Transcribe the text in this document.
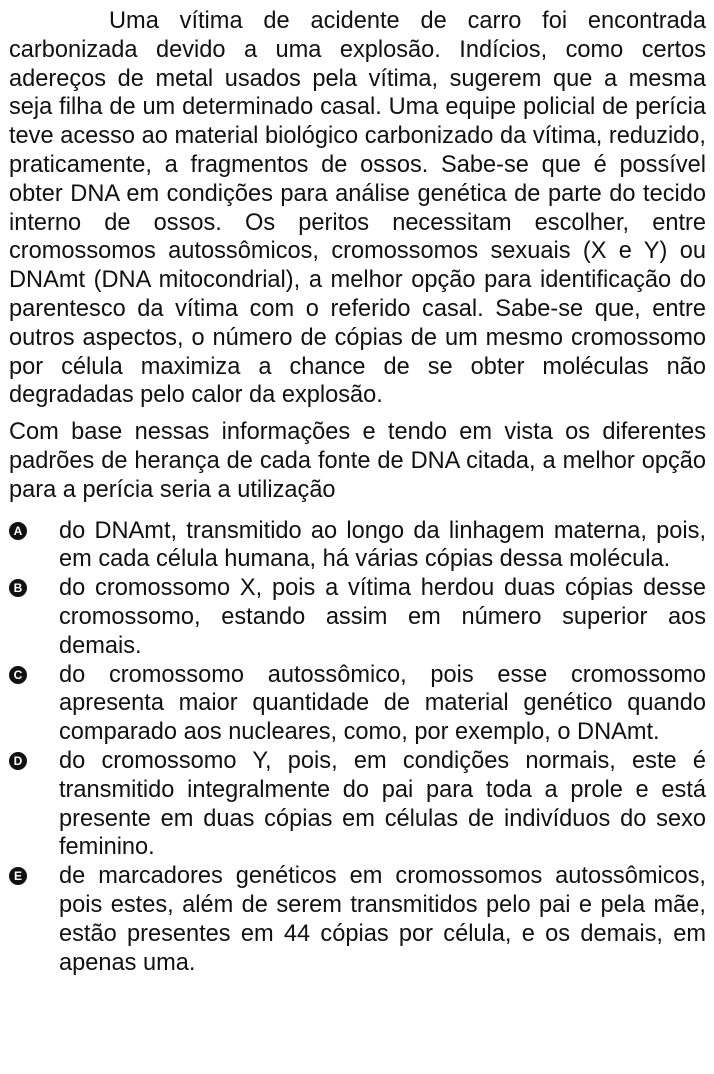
Uma vítima de acidente de carro foi encontrada carbonizada devido a uma explosão. Indícios, como certos adereços de metal usados pela vítima, sugerem que a mesma seja filha de um determinado casal. Uma equipe policial de perícia teve acesso ao material biológico carbonizado da vítima, reduzido, praticamente, a fragmentos de ossos. Sabe-se que é possível obter DNA em condições para análise genética de parte do tecido interno de ossos. Os peritos necessitam escolher, entre cromossomos autossômicos, cromossomos sexuais (X e Y) ou DNAmt (DNA mitocondrial), a melhor opção para identificação do parentesco da vítima com o referido casal. Sabe-se que, entre outros aspectos, o número de cópias de um mesmo cromossomo por célula maximiza a chance de se obter moléculas não degradadas pelo calor da explosão.

Com base nessas informações e tendo em vista os diferentes padrões de herança de cada fonte de DNA citada, a melhor opção para a perícia seria a utilização

A do DNAmt, transmitido ao longo da linhagem materna, pois, em cada célula humana, há várias cópias dessa molécula.
B do cromossomo X, pois a vítima herdou duas cópias desse cromossomo, estando assim em número superior aos demais.
C do cromossomo autossômico, pois esse cromossomo apresenta maior quantidade de material genético quando comparado aos nucleares, como, por exemplo, o DNAmt.
D do cromossomo Y, pois, em condições normais, este é transmitido integralmente do pai para toda a prole e está presente em duas cópias em células de indivíduos do sexo feminino.
E de marcadores genéticos em cromossomos autossômicos, pois estes, além de serem transmitidos pelo pai e pela mãe, estão presentes em 44 cópias por célula, e os demais, em apenas uma.
